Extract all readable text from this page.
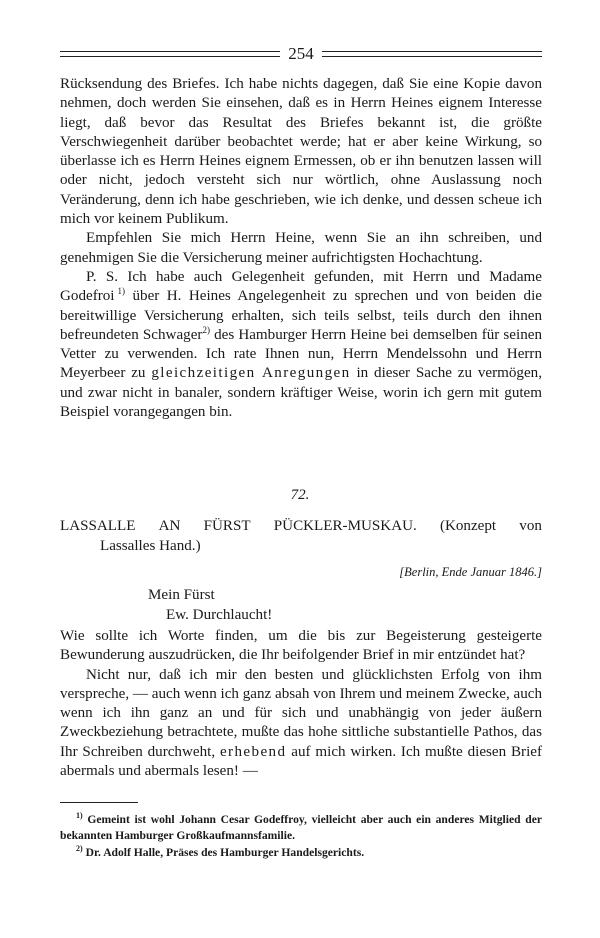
254

Rücksendung des Briefes. Ich habe nichts dagegen, daß Sie eine Kopie davon nehmen, doch werden Sie einsehen, daß es in Herrn Heines eignem Interesse liegt, daß bevor das Resultat des Briefes bekannt ist, die größte Verschwiegenheit darüber beobachtet werde; hat er aber keine Wirkung, so überlasse ich es Herrn Heines eignem Ermessen, ob er ihn benutzen lassen will oder nicht, jedoch versteht sich nur wörtlich, ohne Auslassung noch Veränderung, denn ich habe geschrieben, wie ich denke, und dessen scheue ich mich vor keinem Publikum.

Empfehlen Sie mich Herrn Heine, wenn Sie an ihn schreiben, und genehmigen Sie die Versicherung meiner aufrichtigsten Hochachtung.

P. S. Ich habe auch Gelegenheit gefunden, mit Herrn und Madame Godefroi  $^{1)}$ über H. Heines Angelegenheit zu sprechen und von beiden die bereitwillige Versicherung erhalten, sich teils selbst, teils durch den ihnen befreundeten Schwager$^{2)}$ des Hamburger Herrn Heine bei demselben für seinen Vetter zu verwenden. Ich rate Ihnen nun, Herrn Mendelssohn und Herrn Meyerbeer zu gleichzeitigen Anregungen in dieser Sache zu vermögen, und zwar nicht in banaler, sondern kräftiger Weise, worin ich gern mit gutem Beispiel vorangegangen bin.

72.
LASSALLE AN FÜRST PÜCKLER-MUSKAU. (Konzept von
Lassalles Hand.)
[Berlin, Ende Januar 1846.]
Mein Fürst
Ew. Durchlaucht!

Wie sollte ich Worte finden, um die bis zur Begeisterung gesteigerte Bewunderung auszudrücken, die Ihr beifolgender Brief in mir entzündet hat?

Nicht nur, daß ich mir den besten und glücklichsten Erfolg von ihm verspreche, — auch wenn ich ganz absah von Ihrem und meinem Zwecke, auch wenn ich ihn ganz an und für sich und unabhängig von jeder äußern Zweckbeziehung betrachtete, mußte das hohe sittliche substantielle Pathos, das Ihr Schreiben durchweht, erhebend auf mich wirken. Ich mußte diesen Brief abermals und abermals lesen! —

$^{1)}$ Gemeint ist wohl Johann Cesar Godeffroy, vielleicht aber auch ein anderes Mitglied der bekannten Hamburger Großkaufmannsfamilie.
$^{2)}$ Dr. Adolf Halle, Präses des Hamburger Handelsgerichts.
